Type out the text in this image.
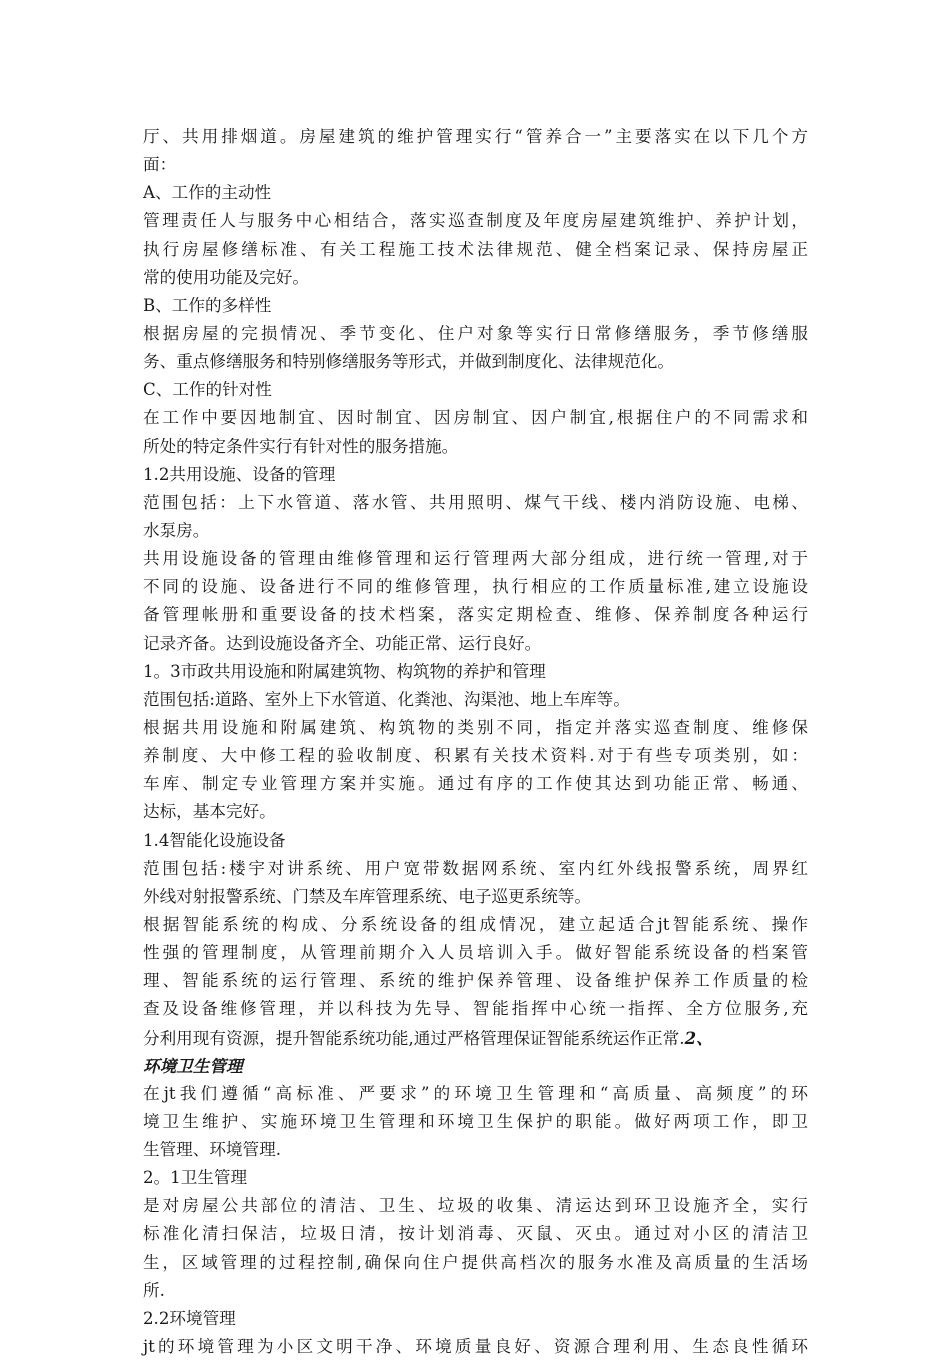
厅、共用排烟道。房屋建筑的维护管理实行“管养合一”主要落实在以下几个方
面：
A、工作的主动性
管理责任人与服务中心相结合，落实巡查制度及年度房屋建筑维护、养护计划，
执行房屋修缮标准、有关工程施工技术法律规范、健全档案记录、保持房屋正
常的使用功能及完好。
B、工作的多样性
根据房屋的完损情况、季节变化、住户对象等实行日常修缮服务，季节修缮服
务、重点修缮服务和特别修缮服务等形式，并做到制度化、法律规范化。
C、工作的针对性
在工作中要因地制宜、因时制宜、因房制宜、因户制宜,根据住户的不同需求和
所处的特定条件实行有针对性的服务措施。
1.2共用设施、设备的管理
范围包括：上下水管道、落水管、共用照明、煤气干线、楼内消防设施、电梯、
水泵房。
共用设施设备的管理由维修管理和运行管理两大部分组成，进行统一管理,对于
不同的设施、设备进行不同的维修管理，执行相应的工作质量标准,建立设施设
备管理帐册和重要设备的技术档案，落实定期检查、维修、保养制度各种运行
记录齐备。达到设施设备齐全、功能正常、运行良好。
1。3市政共用设施和附属建筑物、构筑物的养护和管理
范围包括:道路、室外上下水管道、化粪池、沟渠池、地上车库等。
根据共用设施和附属建筑、构筑物的类别不同，指定并落实巡查制度、维修保
养制度、大中修工程的验收制度、积累有关技术资料.对于有些专项类别，如：
车库、制定专业管理方案并实施。通过有序的工作使其达到功能正常、畅通、
达标，基本完好。
1.4智能化设施设备
范围包括:楼宇对讲系统、用户宽带数据网系统、室内红外线报警系统，周界红
外线对射报警系统、门禁及车库管理系统、电子巡更系统等。
根据智能系统的构成、分系统设备的组成情况，建立起适合jt智能系统、操作
性强的管理制度，从管理前期介入人员培训入手。做好智能系统设备的档案管
理、智能系统的运行管理、系统的维护保养管理、设备维护保养工作质量的检
查及设备维修管理，并以科技为先导、智能指挥中心统一指挥、全方位服务,充
分利用现有资源，提升智能系统功能,通过严格管理保证智能系统运作正常.2、
环境卫生管理
在jt我们遵循“高标准、严要求”的环境卫生管理和“高质量、高频度”的环
境卫生维护、实施环境卫生管理和环境卫生保护的职能。做好两项工作，即卫
生管理、环境管理.
2。1卫生管理
是对房屋公共部位的清洁、卫生、垃圾的收集、清运达到环卫设施齐全，实行
标准化清扫保洁，垃圾日清，按计划消毒、灭鼠、灭虫。通过对小区的清洁卫
生，区域管理的过程控制,确保向住户提供高档次的服务水准及高质量的生活场
所.
2.2环境管理
jt的环境管理为小区文明干净、环境质量良好、资源合理利用、生态良性循环
